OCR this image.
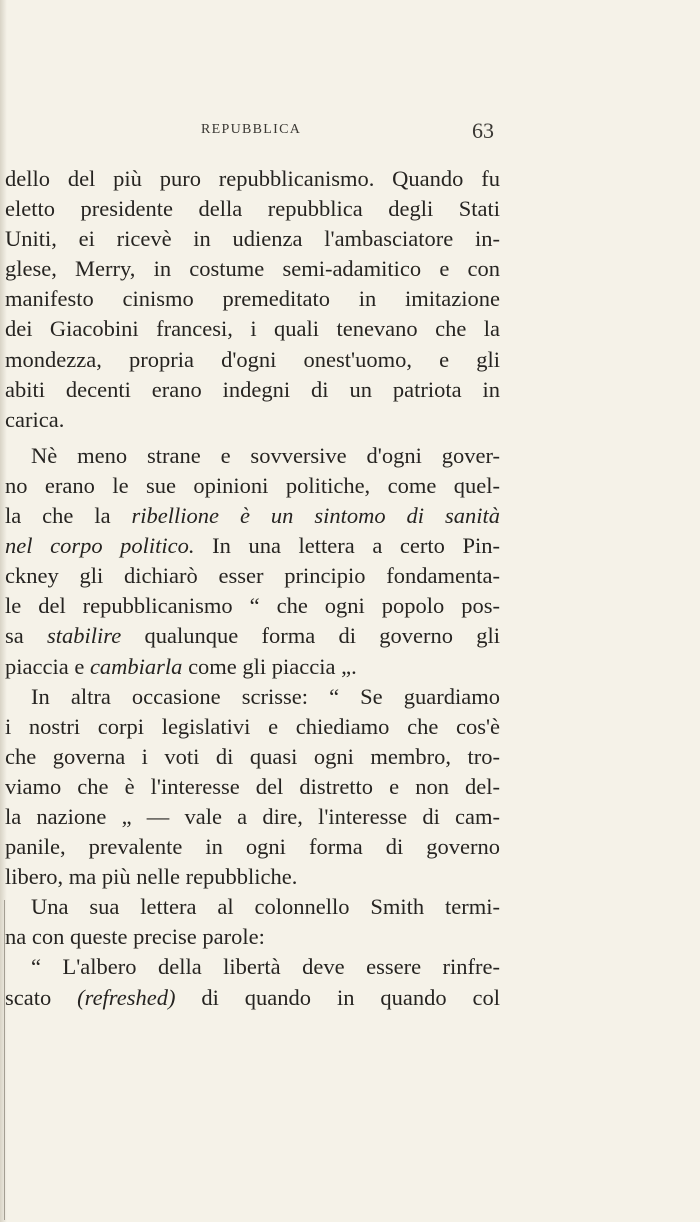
REPUBBLICA	63
dello del più puro repubblicanismo. Quando fu
eletto presidente della repubblica degli Stati
Uniti, ei ricevè in udienza l'ambasciatore in-
glese, Merry, in costume semi-adamitico e con
manifesto cinismo premeditato in imitazione
dei Giacobini francesi, i quali tenevano che la
mondezza, propria d'ogni onest'uomo, e gli
abiti decenti erano indegni di un patriota in
carica.
Nè meno strane e sovversive d'ogni gover-
no erano le sue opinioni politiche, come quel-
la che la ribellione è un sintomo di sanità
nel corpo politico. In una lettera a certo Pin-
ckney gli dichiarò esser principio fondamenta-
le del repubblicanismo “ che ogni popolo pos-
sa stabilire qualunque forma di governo gli
piaccia e cambiarla come gli piaccia „.
In altra occasione scrisse: “ Se guardiamo
i nostri corpi legislativi e chiediamo che cos'è
che governa i voti di quasi ogni membro, tro-
viamo che è l'interesse del distretto e non del-
la nazione „ — vale a dire, l'interesse di cam-
panile, prevalente in ogni forma di governo
libero, ma più nelle repubbliche.
Una sua lettera al colonnello Smith termi-
na con queste precise parole:
“ L'albero della libertà deve essere rinfre-
scato (refreshed) di quando in quando col
